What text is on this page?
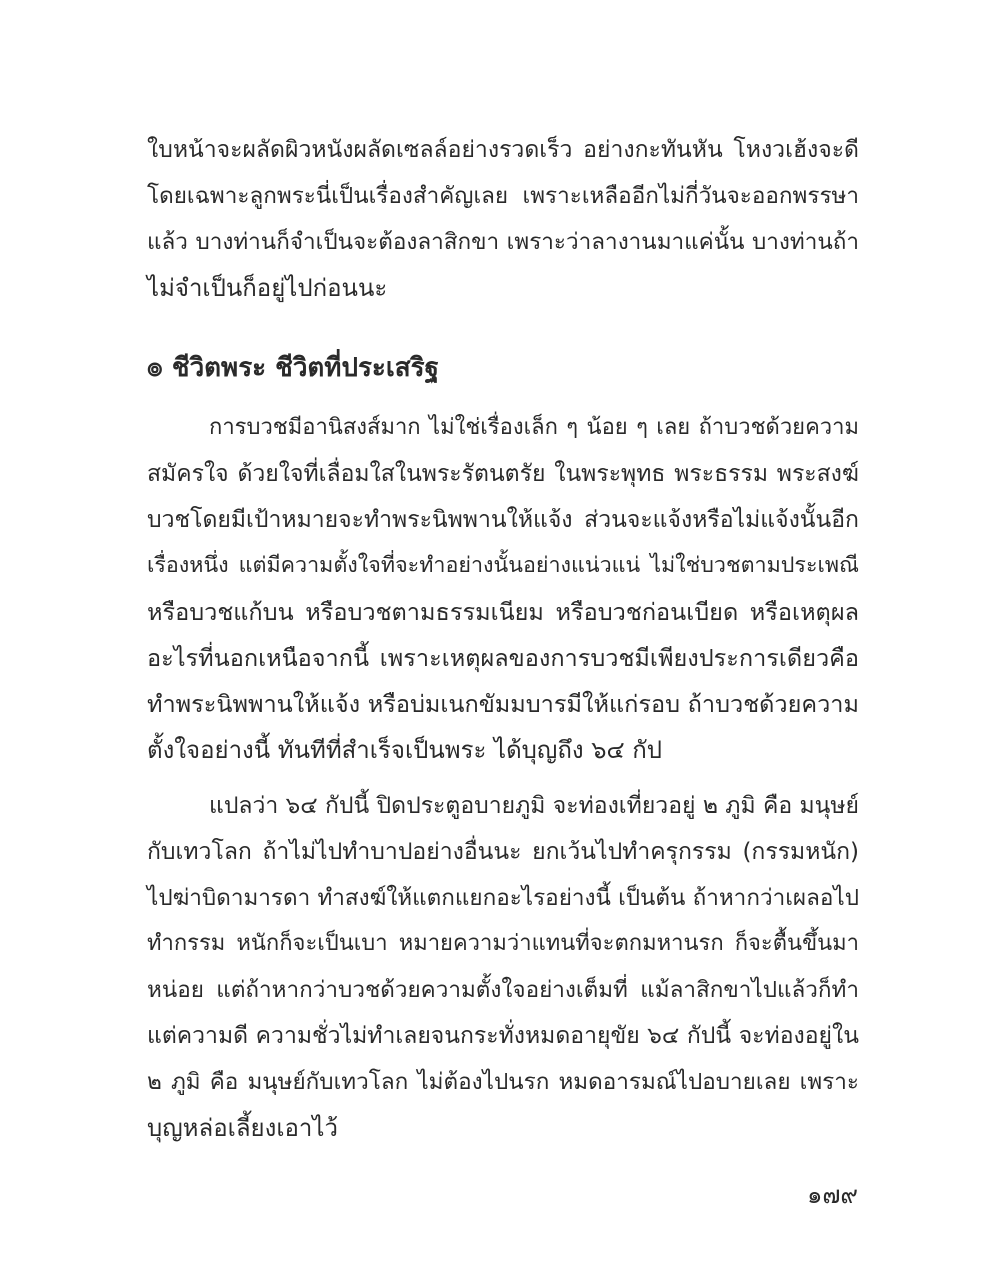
ใบหน้าจะผลัดผิวหนังผลัดเซลล์อย่างรวดเร็ว อย่างกะทันหัน โหงวเฮ้งจะดี
โดยเฉพาะลูกพระนี่เป็นเรื่องสำคัญเลย เพราะเหลืออีกไม่กี่วันจะออกพรรษา
แล้ว บางท่านก็จำเป็นจะต้องลาสิกขา เพราะว่าลางานมาแค่นั้น บางท่านถ้า
ไม่จำเป็นก็อยู่ไปก่อนนะ
๏ ชีวิตพระ ชีวิตที่ประเสริฐ
การบวชมีอานิสงส์มาก ไม่ใช่เรื่องเล็ก ๆ น้อย ๆ เลย ถ้าบวชด้วยความ
สมัครใจ ด้วยใจที่เลื่อมใสในพระรัตนตรัย ในพระพุทธ พระธรรม พระสงฆ์
บวชโดยมีเป้าหมายจะทำพระนิพพานให้แจ้ง ส่วนจะแจ้งหรือไม่แจ้งนั้นอีก
เรื่องหนึ่ง แต่มีความตั้งใจที่จะทำอย่างนั้นอย่างแน่วแน่ ไม่ใช่บวชตามประเพณี
หรือบวชแก้บน หรือบวชตามธรรมเนียม หรือบวชก่อนเบียด หรือเหตุผล
อะไรที่นอกเหนือจากนี้ เพราะเหตุผลของการบวชมีเพียงประการเดียวคือ
ทำพระนิพพานให้แจ้ง หรือบ่มเนกขัมมบารมีให้แก่รอบ ถ้าบวชด้วยความ
ตั้งใจอย่างนี้ ทันทีที่สำเร็จเป็นพระ ได้บุญถึง ๖๔ กัป
แปลว่า ๖๔ กัปนี้ ปิดประตูอบายภูมิ จะท่องเที่ยวอยู่ ๒ ภูมิ คือ มนุษย์
กับเทวโลก ถ้าไม่ไปทำบาปอย่างอื่นนะ ยกเว้นไปทำครุกรรม (กรรมหนัก)
ไปฆ่าบิดามารดา ทำสงฆ์ให้แตกแยกอะไรอย่างนี้ เป็นต้น ถ้าหากว่าเผลอไป
ทำกรรม หนักก็จะเป็นเบา หมายความว่าแทนที่จะตกมหานรก ก็จะตื้นขึ้นมา
หน่อย แต่ถ้าหากว่าบวชด้วยความตั้งใจอย่างเต็มที่ แม้ลาสิกขาไปแล้วก็ทำ
แต่ความดี ความชั่วไม่ทำเลยจนกระทั่งหมดอายุขัย ๖๔ กัปนี้ จะท่องอยู่ใน
๒ ภูมิ คือ มนุษย์กับเทวโลก ไม่ต้องไปนรก หมดอารมณ์ไปอบายเลย เพราะ
บุญหล่อเลี้ยงเอาไว้
๑๗๙
